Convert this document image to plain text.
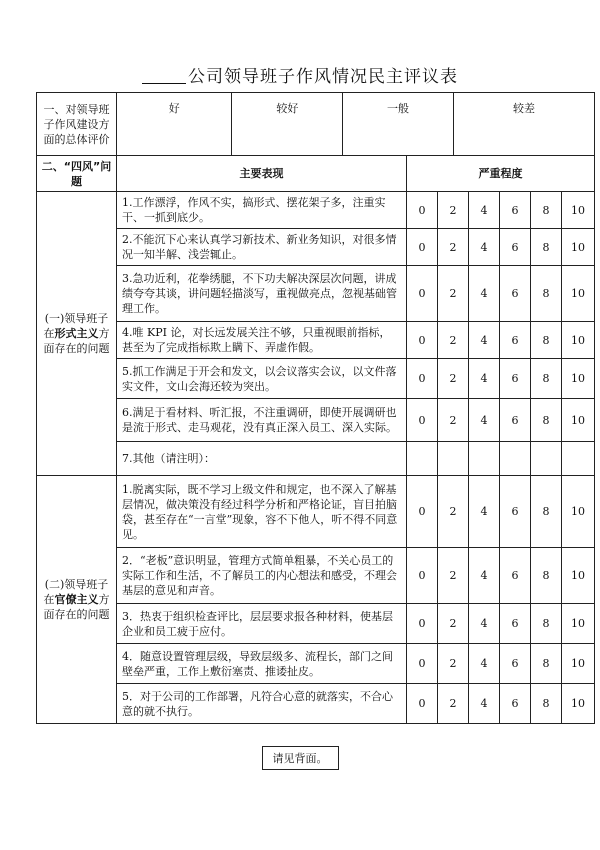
公司领导班子作风情况民主评议表
一、对领导班子作风建设方面的总体评价	
好	较好	一般	较差

二、“四风”问题	主要表现	严重程度
(一)领导班子在形式主义方面存在的问题	1.工作漂浮，作风不实，搞形式、摆花架子多，注重实干、一抓到底少。	0	2	4	6	8	10
2.不能沉下心来认真学习新技术、新业务知识，对很多情况一知半解、浅尝辄止。	0	2	4	6	8	10
3.急功近利，花拳绣腿，不下功夫解决深层次问题，讲成绩夸夸其谈，讲问题轻描淡写，重视做亮点，忽视基础管理工作。	0	2	4	6	8	10
4.唯 KPI 论，对长远发展关注不够，只重视眼前指标，甚至为了完成指标欺上瞒下、弄虚作假。	0	2	4	6	8	10
5.抓工作满足于开会和发文，以会议落实会议，以文件落实文件，文山会海还较为突出。	0	2	4	6	8	10
6.满足于看材料、听汇报，不注重调研，即使开展调研也是流于形式、走马观花，没有真正深入员工、深入实际。	0	2	4	6	8	10
7.其他（请注明）：						
(二)领导班子在官僚主义方面存在的问题	1.脱离实际，既不学习上级文件和规定，也不深入了解基层情况，做决策没有经过科学分析和严格论证，盲目拍脑袋，甚至存在“一言堂”现象，容不下他人，听不得不同意见。	0	2	4	6	8	10
2．“老板”意识明显，管理方式简单粗暴，不关心员工的实际工作和生活，不了解员工的内心想法和感受，不理会基层的意见和声音。	0	2	4	6	8	10
3．热衷于组织检查评比，层层要求报各种材料，使基层企业和员工疲于应付。	0	2	4	6	8	10
4．随意设置管理层级，导致层级多、流程长，部门之间壁垒严重，工作上敷衍塞责、推诿扯皮。	0	2	4	6	8	10
5．对于公司的工作部署，凡符合心意的就落实，不合心意的就不执行。	0	2	4	6	8	10
请见背面。
